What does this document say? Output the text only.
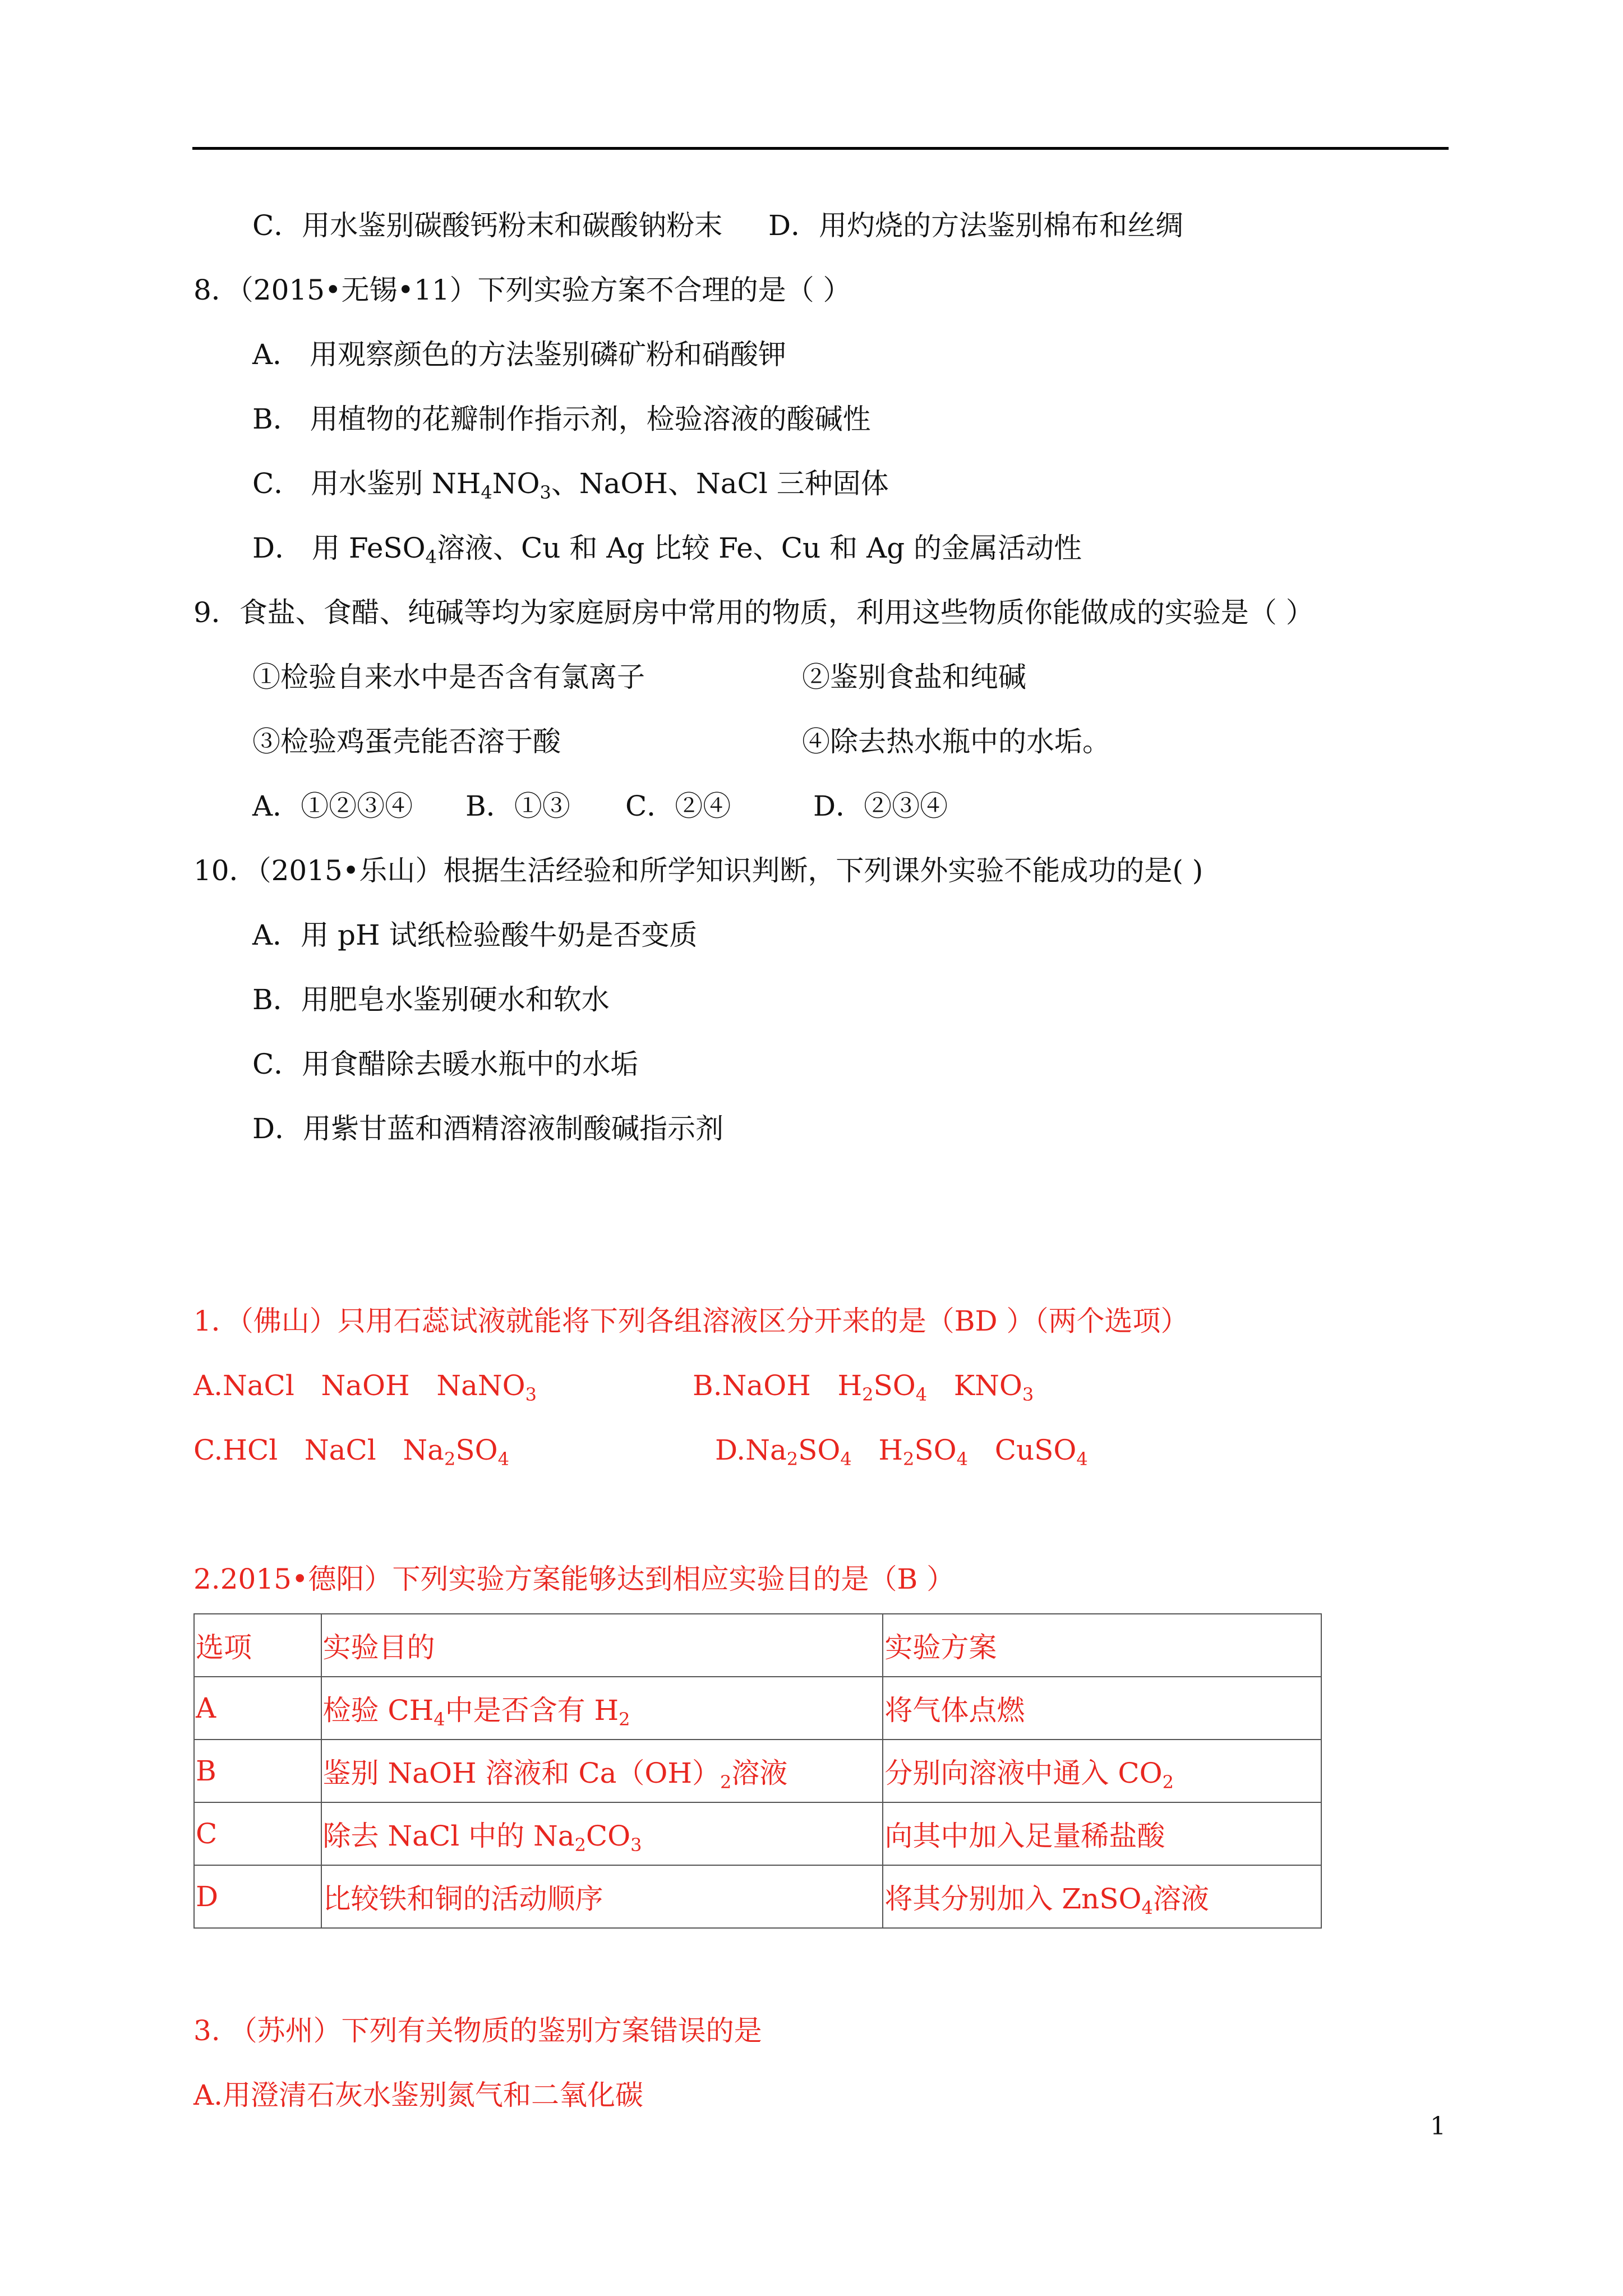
C．用水鉴别碳酸钙粉末和碳酸钠粉末 D．用灼烧的方法鉴别棉布和丝绸
8．（2015•无锡•11）下列实验方案不合理的是（ ）
A． 用观察颜色的方法鉴别磷矿粉和硝酸钾
B． 用植物的花瓣制作指示剂，检验溶液的酸碱性
C． 用水鉴别 $NH_4NO_3$、NaOH、NaCl 三种固体
D． 用 FeSO$_4$溶液、Cu 和 Ag 比较 Fe、Cu 和 Ag 的金属活动性
9．食盐、食醋、纯碱等均为家庭厨房中常用的物质，利用这些物质你能做成的实验是（ ）
①检验自来水中是否含有氯离子	②鉴别食盐和纯碱
③检验鸡蛋壳能否溶于酸	④除去热水瓶中的水垢。
A．①②③④ B．①③ C．②④	D．②③④
10．（2015•乐山）根据生活经验和所学知识判断，下列课外实验不能成功的是( )
A．用 pH 试纸检验酸牛奶是否变质
B．用肥皂水鉴别硬水和软水
C．用食醋除去暖水瓶中的水垢
D．用紫甘蓝和酒精溶液制酸碱指示剂
1．（佛山）只用石蕊试液就能将下列各组溶液区分开来的是（BD ）（两个选项）
A.NaCl NaOH NaNO$_3$	B.NaOH $H_2SO_4$ $KNO_3$
C.HCl NaCl $Na_2SO_4$	$D.Na_2SO_4$ $H_2SO_4$ CuSO$_4$
2.2015•德阳）下列实验方案能够达到相应实验目的是（B ）
选项	实验目的	实验方案
A	检验 $CH_4$中是否含有 $H_2$	将气体点燃
B	鉴别 NaOH 溶液和 $Ca(OH)_2$溶液	分别向溶液中通入 $CO_2$
C	除去 NaCl 中的 $Na_2CO_3$	向其中加入足量稀盐酸
D	比较铁和铜的活动顺序	将其分别加入 ZnSO$_4$溶液
3. （苏州）下列有关物质的鉴别方案错误的是
A.用澄清石灰水鉴别氮气和二氧化碳
1
